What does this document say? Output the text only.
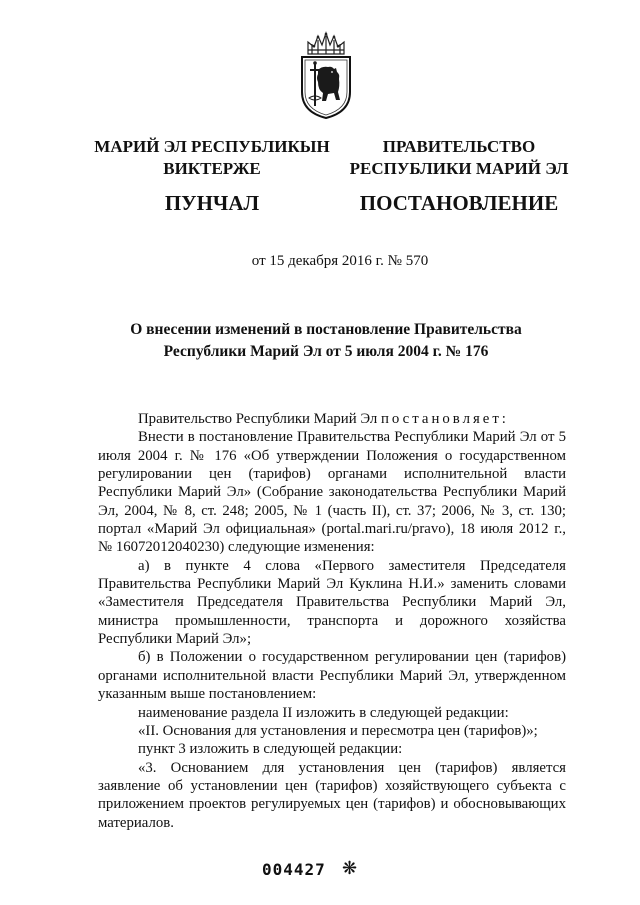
МАРИЙ ЭЛ РЕСПУБЛИКЫН
ВИКТЕРЖЕ
ПУНЧАЛ
ПРАВИТЕЛЬСТВО
РЕСПУБЛИКИ МАРИЙ ЭЛ
ПОСТАНОВЛЕНИЕ
от 15 декабря 2016 г. № 570
О внесении изменений в постановление Правительства
Республики Марий Эл от 5 июля 2004 г. № 176

Правительство Республики Марий Эл постановляет:

Внести в постановление Правительства Республики Марий Эл от 5 июля 2004 г. № 176 «Об утверждении Положения о государственном регулировании цен (тарифов) органами исполнительной власти Республики Марий Эл» (Собрание законодательства Республики Марий Эл, 2004, № 8, ст. 248; 2005, № 1 (часть II), ст. 37; 2006, № 3, ст. 130; портал «Марий Эл официальная» (portal.mari.ru/pravo), 18 июля 2012 г., № 16072012040230) следующие изменения:

а) в пункте 4 слова «Первого заместителя Председателя Правительства Республики Марий Эл Куклина Н.И.» заменить словами «Заместителя Председателя Правительства Республики Марий Эл, министра промышленности, транспорта и дорожного хозяйства Республики Марий Эл»;

б) в Положении о государственном регулировании цен (тарифов) органами исполнительной власти Республики Марий Эл, утвержденном указанным выше постановлением:

наименование раздела II изложить в следующей редакции:

«II. Основания для установления и пересмотра цен (тарифов)»;

пункт 3 изложить в следующей редакции:

«3. Основанием для установления цен (тарифов) является заявление об установлении цен (тарифов) хозяйствующего субъекта с приложением проектов регулируемых цен (тарифов) и обосновывающих материалов.

004427 ❋
